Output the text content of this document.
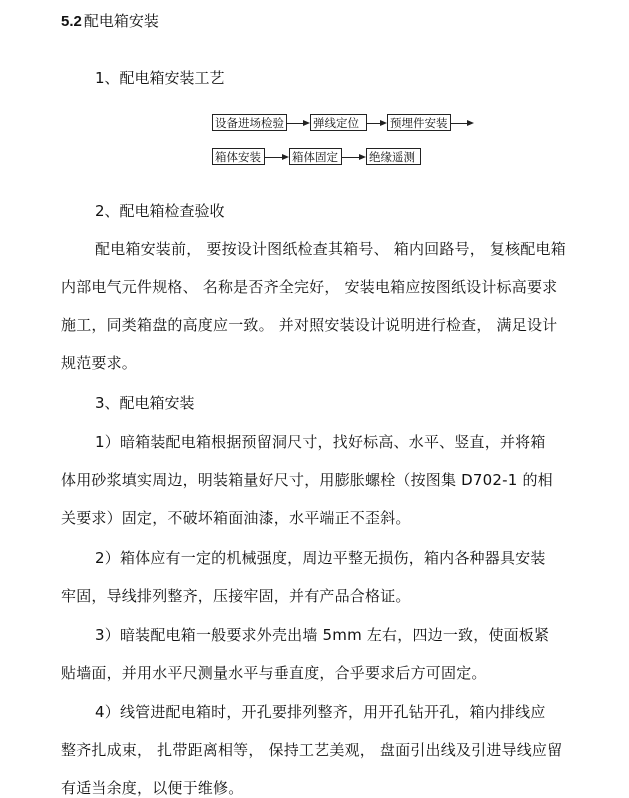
5.2 配电箱安装
1、配电箱安装工艺
设备进场检验	弹线定位	预埋件安装
箱体安装	箱体固定	绝缘遥测
2、配电箱检查验收
配电箱安装前， 要按设计图纸检查其箱号、 箱内回路号， 复核配电箱
内部电气元件规格、 名称是否齐全完好， 安装电箱应按图纸设计标高要求
施工，同类箱盘的高度应一致。 并对照安装设计说明进行检查， 满足设计
规范要求。
3、配电箱安装
1）暗箱装配电箱根据预留洞尺寸，找好标高、水平、竖直，并将箱
体用砂浆填实周边，明装箱量好尺寸，用膨胀螺栓（按图集 D702-1 的相
关要求）固定，不破坏箱面油漆，水平端正不歪斜。
2）箱体应有一定的机械强度，周边平整无损伤，箱内各种器具安装
牢固，导线排列整齐，压接牢固，并有产品合格证。
3）暗装配电箱一般要求外壳出墙 5mm 左右，四边一致，使面板紧
贴墙面，并用水平尺测量水平与垂直度，合乎要求后方可固定。
4）线管进配电箱时，开孔要排列整齐，用开孔钻开孔，箱内排线应
整齐扎成束， 扎带距离相等， 保持工艺美观， 盘面引出线及引进导线应留
有适当余度，以便于维修。
